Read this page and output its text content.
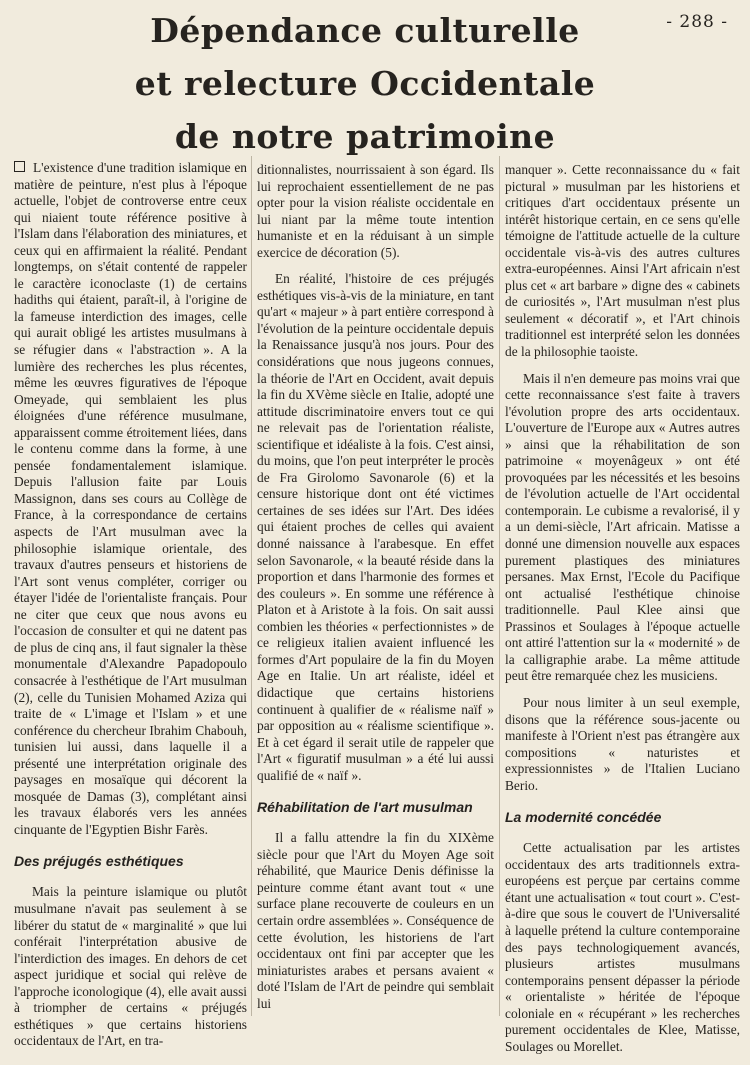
- 288 -
Dépendance culturelle
et relecture Occidentale
de notre patrimoine

L'existence d'une tradition islamique en matière de peinture, n'est plus à l'époque actuelle, l'objet de controverse entre ceux qui niaient toute référence positive à l'Islam dans l'élaboration des miniatures, et ceux qui en affirmaient la réalité. Pendant longtemps, on s'était contenté de rappeler le caractère iconoclaste (1) de certains hadiths qui étaient, paraît-il, à l'origine de la fameuse interdiction des images, celle qui aurait obligé les artistes musulmans à se réfugier dans « l'abstraction ». A la lumière des recherches les plus récentes, même les œuvres figuratives de l'époque Omeyade, qui semblaient les plus éloignées d'une référence musulmane, apparaissent comme étroitement liées, dans le contenu comme dans la forme, à une pensée fondamentalement islamique. Depuis l'allusion faite par Louis Massignon, dans ses cours au Collège de France, à la correspondance de certains aspects de l'Art musulman avec la philosophie islamique orientale, des travaux d'autres penseurs et historiens de l'Art sont venus compléter, corriger ou étayer l'idée de l'orientaliste français. Pour ne citer que ceux que nous avons eu l'occasion de consulter et qui ne datent pas de plus de cinq ans, il faut signaler la thèse monumentale d'Alexandre Papadopoulo consacrée à l'esthétique de l'Art musulman (2), celle du Tunisien Mohamed Aziza qui traite de « L'image et l'Islam » et une conférence du chercheur Ibrahim Chabouh, tunisien lui aussi, dans laquelle il a présenté une interprétation originale des paysages en mosaïque qui décorent la mosquée de Damas (3), complétant ainsi les travaux élaborés vers les années cinquante de l'Egyptien Bishr Farès.

Des préjugés esthétiques

Mais la peinture islamique ou plutôt musulmane n'avait pas seulement à se libérer du statut de « marginalité » que lui conférait l'interprétation abusive de l'interdiction des images. En dehors de cet aspect juridique et social qui relève de l'approche iconologique (4), elle avait aussi à triompher de certains « préjugés esthétiques » que certains historiens occidentaux de l'Art, en tra-

ditionnalistes, nourrissaient à son égard. Ils lui reprochaient essentiellement de ne pas opter pour la vision réaliste occidentale en lui niant par la même toute intention humaniste et en la réduisant à un simple exercice de décoration (5).

En réalité, l'histoire de ces préjugés esthétiques vis-à-vis de la miniature, en tant qu'art « majeur » à part entière correspond à l'évolution de la peinture occidentale depuis la Renaissance jusqu'à nos jours. Pour des considérations que nous jugeons connues, la théorie de l'Art en Occident, avait depuis la fin du XVème siècle en Italie, adopté une attitude discriminatoire envers tout ce qui ne relevait pas de l'orientation réaliste, scientifique et idéaliste à la fois. C'est ainsi, du moins, que l'on peut interpréter le procès de Fra Girolomo Savonarole (6) et la censure historique dont ont été victimes certaines de ses idées sur l'Art. Des idées qui étaient proches de celles qui avaient donné naissance à l'arabesque. En effet selon Savonarole, « la beauté réside dans la proportion et dans l'harmonie des formes et des couleurs ». En somme une référence à Platon et à Aristote à la fois. On sait aussi combien les théories « perfectionnistes » de ce religieux italien avaient influencé les formes d'Art populaire de la fin du Moyen Age en Italie. Un art réaliste, idéel et didactique que certains historiens continuent à qualifier de « réalisme naïf » par opposition au « réalisme scientifique ». Et à cet égard il serait utile de rappeler que l'Art « figuratif musulman » a été lui aussi qualifié de « naïf ».

Réhabilitation de l'art musulman

Il a fallu attendre la fin du XIXème siècle pour que l'Art du Moyen Age soit réhabilité, que Maurice Denis définisse la peinture comme étant avant tout « une surface plane recouverte de couleurs en un certain ordre assemblées ». Conséquence de cette évolution, les historiens de l'art occidentaux ont fini par accepter que les miniaturistes arabes et persans avaient « doté l'Islam de l'Art de peindre qui semblait lui

manquer ». Cette reconnaissance du « fait pictural » musulman par les historiens et critiques d'art occidentaux présente un intérêt historique certain, en ce sens qu'elle témoigne de l'attitude actuelle de la culture occidentale vis-à-vis des autres cultures extra-européennes. Ainsi l'Art africain n'est plus cet « art barbare » digne des « cabinets de curiosités », l'Art musulman n'est plus seulement « décoratif », et l'Art chinois traditionnel est interprété selon les données de la philosophie taoiste.

Mais il n'en demeure pas moins vrai que cette reconnaissance s'est faite à travers l'évolution propre des arts occidentaux. L'ouverture de l'Europe aux « Autres autres » ainsi que la réhabilitation de son patrimoine « moyenâgeux » ont été provoquées par les nécessités et les besoins de l'évolution actuelle de l'Art occidental contemporain. Le cubisme a revalorisé, il y a un demi-siècle, l'Art africain. Matisse a donné une dimension nouvelle aux espaces purement plastiques des miniatures persanes. Max Ernst, l'Ecole du Pacifique ont actualisé l'esthétique chinoise traditionnelle. Paul Klee ainsi que Prassinos et Soulages à l'époque actuelle ont attiré l'attention sur la « modernité » de la calligraphie arabe. La même attitude peut être remarquée chez les musiciens.

Pour nous limiter à un seul exemple, disons que la référence sous-jacente ou manifeste à l'Orient n'est pas étrangère aux compositions « naturistes et expressionnistes » de l'Italien Luciano Berio.

La modernité concédée

Cette actualisation par les artistes occidentaux des arts traditionnels extra-européens est perçue par certains comme étant une actualisation « tout court ». C'est-à-dire que sous le couvert de l'Universalité à laquelle prétend la culture contemporaine des pays technologiquement avancés, plusieurs artistes musulmans contemporains pensent dépasser la période « orientaliste » héritée de l'époque coloniale en « récupérant » les recherches purement occidentales de Klee, Matisse, Soulages ou Morellet.
